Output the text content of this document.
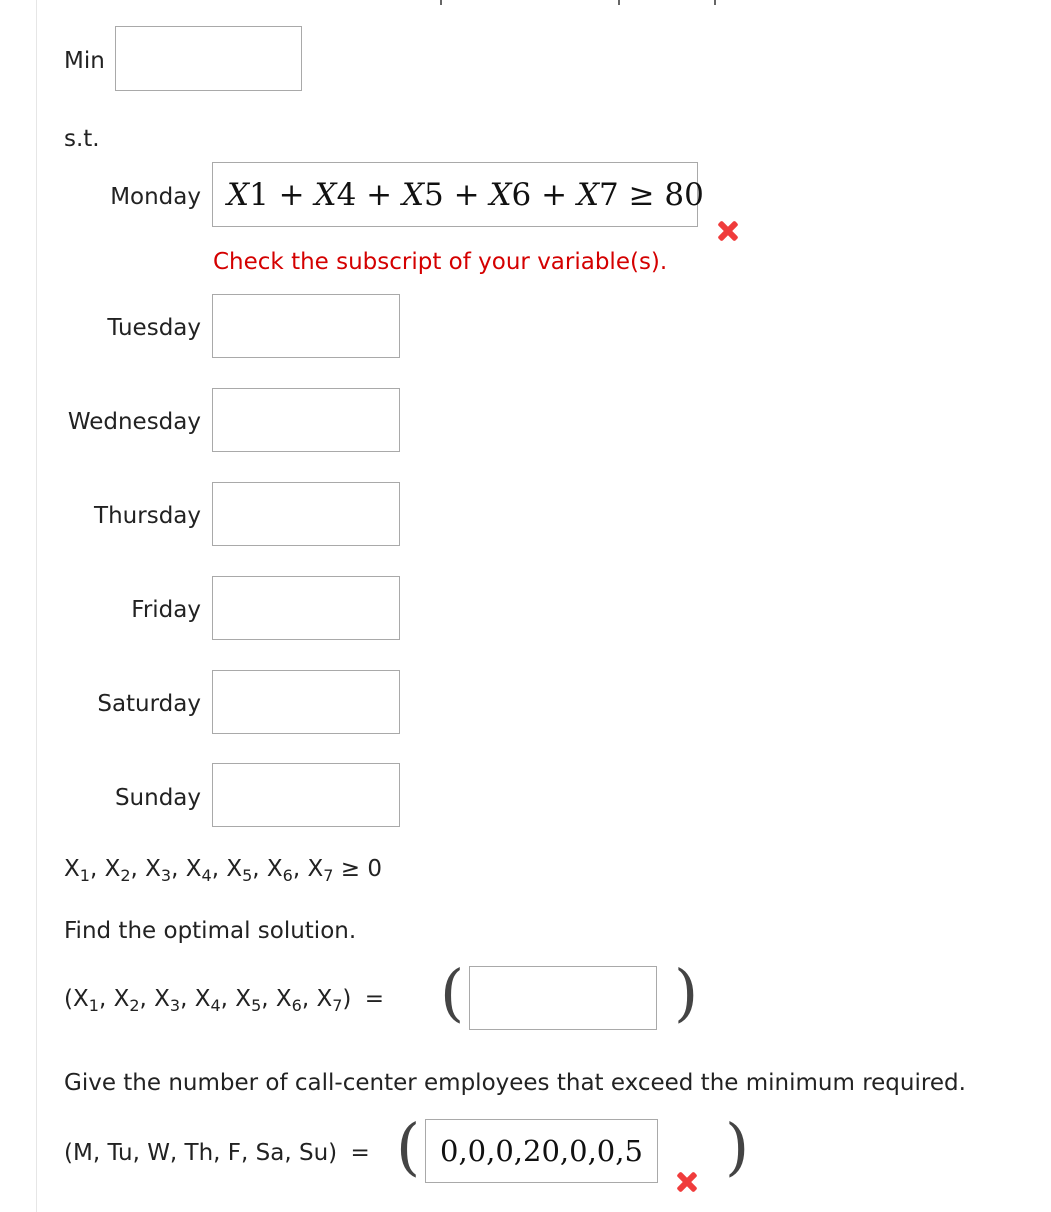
Min
s.t.
Monday X1 + X4 + X5 + X6 + X7 ≥ 80
Check the subscript of your variable(s).
Tuesday
Wednesday
Thursday
Friday
Saturday
Sunday
$X_1$, $X_2$, $X_3$, $X_4$, $X_5$, $X_6$, $X_7 \ge 0$
Find the optimal solution.
($X_1$, $X_2$, $X_3$, $X_4$, $X_5$, $X_6$, $X_7$) = (	)
Give the number of call-center employees that exceed the minimum required.
(M, Tu, W, Th, F, Sa, Su) = ( 0,0,0,20,0,0,5 )
